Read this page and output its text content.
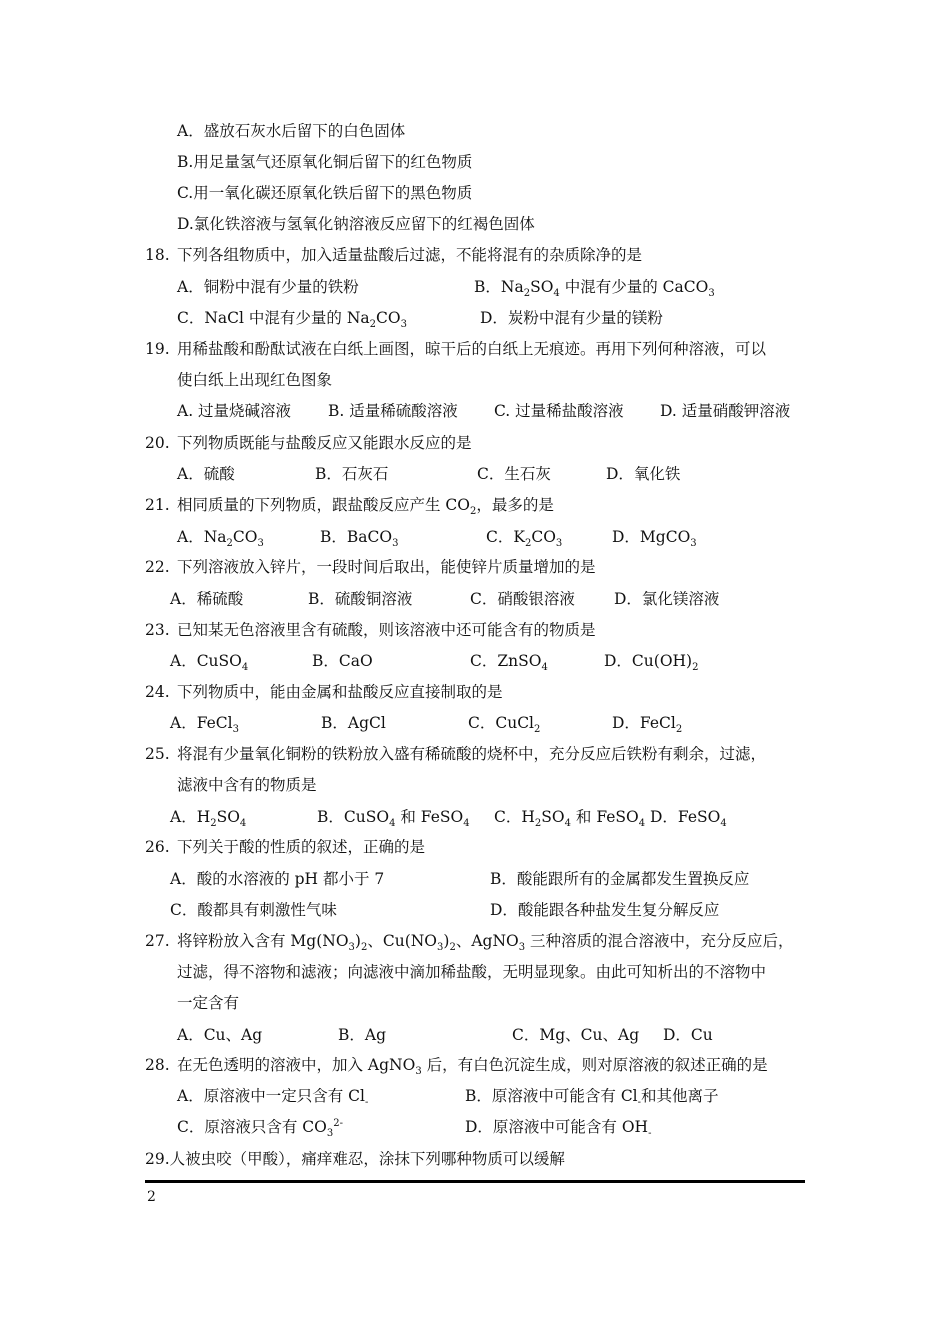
A．盛放石灰水后留下的白色固体
B.用足量氢气还原氧化铜后留下的红色物质
C.用一氧化碳还原氧化铁后留下的黑色物质
D.氯化铁溶液与氢氧化钠溶液反应留下的红褐色固体
18. 下列各组物质中，加入适量盐酸后过滤，不能将混有的杂质除净的是
A．铜粉中混有少量的铁粉	B．$Na_2SO_4$ 中混有少量的 CaCO$_3$
C．NaCl 中混有少量的 $Na_2CO_3$	D．炭粉中混有少量的镁粉
19. 用稀盐酸和酚酞试液在白纸上画图，晾干后的白纸上无痕迹。再用下列何种溶液，可以
使白纸上出现红色图象
A. 过量烧碱溶液 B. 适量稀硫酸溶液 C. 过量稀盐酸溶液 D. 适量硝酸钾溶液
20. 下列物质既能与盐酸反应又能跟水反应的是
A．硫酸	B．石灰石	C．生石灰	D．氧化铁
21. 相同质量的下列物质，跟盐酸反应产生 $CO_2$，最多的是
A．$Na_2CO_3$	B．BaCO$_3$	C．$K_2CO_3$	D．MgCO$_3$
22. 下列溶液放入锌片，一段时间后取出，能使锌片质量增加的是
A．稀硫酸	B．硫酸铜溶液	C．硝酸银溶液	D．氯化镁溶液
23. 已知某无色溶液里含有硫酸，则该溶液中还可能含有的物质是
A．CuSO$_4$	B．CaO	C．ZnSO$_4$	D．$Cu(OH)_2$
24. 下列物质中，能由金属和盐酸反应直接制取的是
A．FeCl$_3$	B．AgCl	C．CuCl$_2$	D．FeCl$_2$
25. 将混有少量氧化铜粉的铁粉放入盛有稀硫酸的烧杯中，充分反应后铁粉有剩余，过滤，
滤液中含有的物质是
A．$H_2SO_4$	B．CuSO$_4$ 和 FeSO$_4$ C．$H_2SO_4$ 和 FeSO$_4$ D．FeSO$_4$
26. 下列关于酸的性质的叙述，正确的是
A．酸的水溶液的 pH 都小于 7	B．酸能跟所有的金属都发生置换反应
C．酸都具有刺激性气味	D．酸能跟各种盐发生复分解反应
27. 将锌粉放入含有 $Mg(NO_3)_2$、$Cu(NO_3)_2$、AgNO$_3$ 三种溶质的混合溶液中，充分反应后，
过滤，得不溶物和滤液；向滤液中滴加稀盐酸，无明显现象。由此可知析出的不溶物中
一定含有
A．Cu、Ag	B．Ag	C．Mg、Cu、Ag D．Cu
28. 在无色透明的溶液中，加入 AgNO$_3$ 后，有白色沉淀生成，则对原溶液的叙述正确的是
A．原溶液中一定只含有 $Cl_-$	B．原溶液中可能含有 $Cl_-$和其他离子
C．原溶液只含有 $CO_3^{2-}$	D．原溶液中可能含有 $OH_-$
29.人被虫咬（甲酸），痛痒难忍，涂抹下列哪种物质可以缓解
2
